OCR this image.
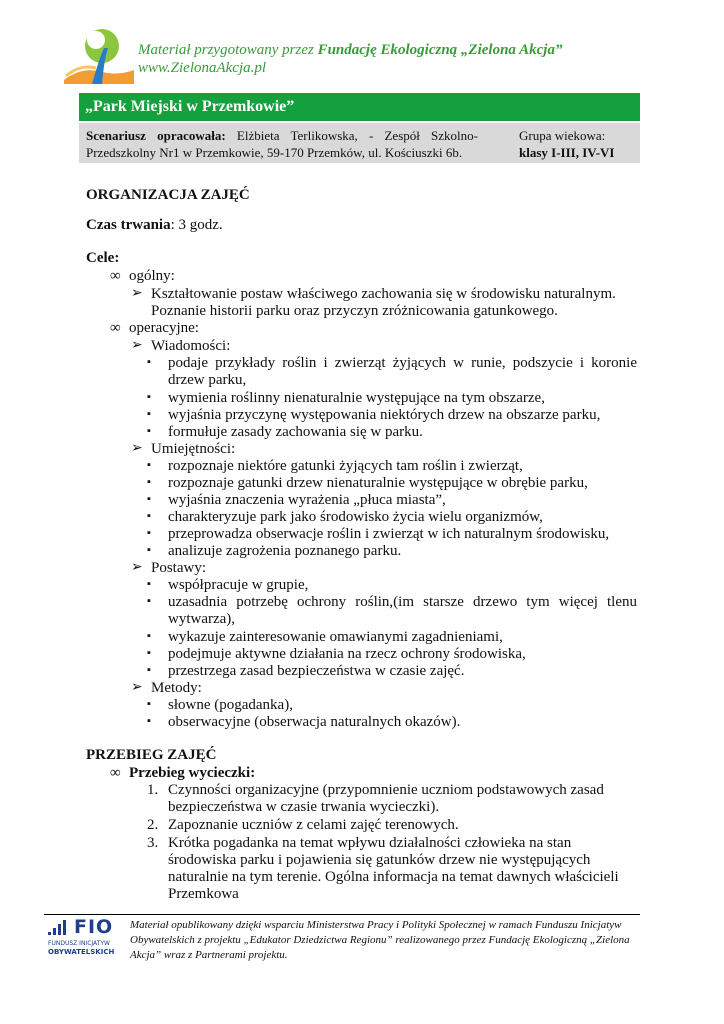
Materiał przygotowany przez Fundację Ekologiczną „Zielona Akcja”
www.ZielonaAkcja.pl
„Park Miejski w Przemkowie”
Scenariusz opracowała: Elżbieta Terlikowska, - Zespół Szkolno-Przedszkolny Nr1 w Przemkowie, 59-170 Przemków, ul. Kościuszki 6b.
Grupa wiekowa:
klasy I-III, IV-VI
ORGANIZACJA ZAJĘĆ
Czas trwania: 3 godz.
Cele:
∞ ogólny:
➢ Kształtowanie postaw właściwego zachowania się w środowisku naturalnym.
Poznanie historii parku oraz przyczyn zróżnicowania gatunkowego.
∞ operacyjne:
➢ Wiadomości:
▪ podaje przykłady roślin i zwierząt żyjących w runie, podszycie i koronie
drzew parku,
▪ wymienia roślinny nienaturalnie występujące na tym obszarze,
▪ wyjaśnia przyczynę występowania niektórych drzew na obszarze parku,
▪ formułuje zasady zachowania się w parku.
➢ Umiejętności:
▪ rozpoznaje niektóre gatunki żyjących tam roślin i zwierząt,
▪ rozpoznaje gatunki drzew nienaturalnie występujące w obrębie parku,
▪ wyjaśnia znaczenia wyrażenia „płuca miasta”,
▪ charakteryzuje park jako środowisko życia wielu organizmów,
▪ przeprowadza obserwacje roślin i zwierząt w ich naturalnym środowisku,
▪ analizuje zagrożenia poznanego parku.
➢ Postawy:
▪ współpracuje w grupie,
▪ uzasadnia potrzebę ochrony roślin,(im starsze drzewo tym więcej tlenu
wytwarza),
▪ wykazuje zainteresowanie omawianymi zagadnieniami,
▪ podejmuje aktywne działania na rzecz ochrony środowiska,
▪ przestrzega zasad bezpieczeństwa w czasie zajęć.
➢ Metody:
▪ słowne (pogadanka),
▪ obserwacyjne (obserwacja naturalnych okazów).
PRZEBIEG ZAJĘĆ
∞ Przebieg wycieczki:
1. Czynności organizacyjne (przypomnienie uczniom podstawowych zasad
bezpieczeństwa w czasie trwania wycieczki).
2. Zapoznanie uczniów z celami zajęć terenowych.
3. Krótka pogadanka na temat wpływu działalności człowieka na stan
środowiska parku i pojawienia się gatunków drzew nie występujących
naturalnie na tym terenie. Ogólna informacja na temat dawnych właścicieli
Przemkowa
FIO
FUNDUSZ INICJATYW
OBYWATELSKICH
Materiał opublikowany dzięki wsparciu Ministerstwa Pracy i Polityki Społecznej w ramach Funduszu Inicjatyw Obywatelskich z projektu „Edukator Dziedzictwa Regionu” realizowanego przez Fundację Ekologiczną „Zielona Akcja” wraz z Partnerami projektu.
